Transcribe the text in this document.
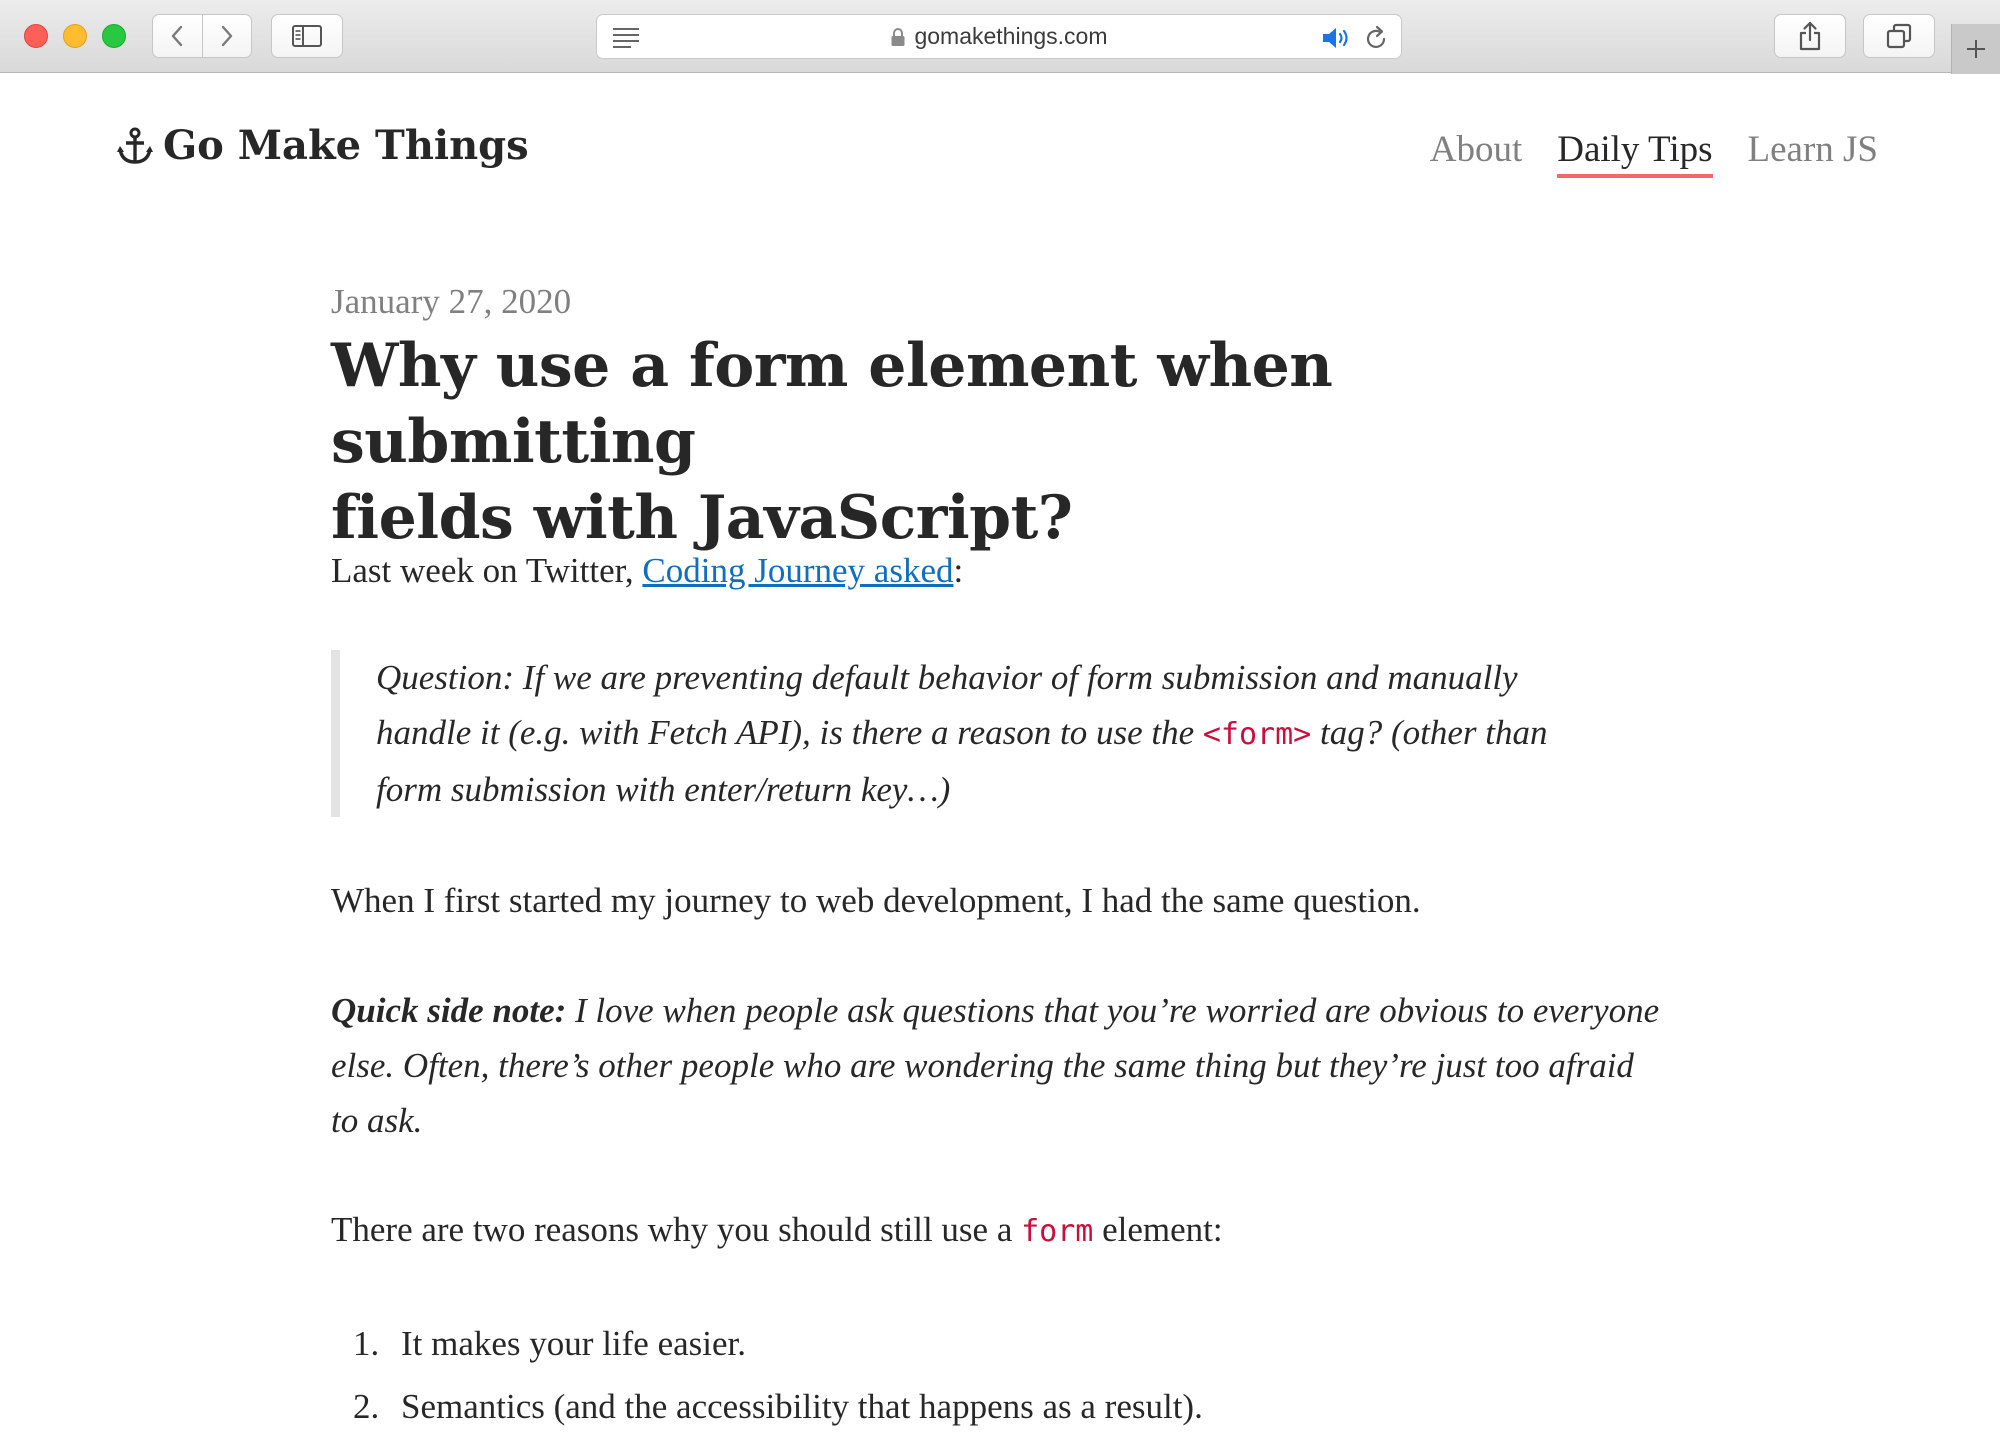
gomakethings.com
Go Make Things	About Daily Tips Learn JS

January 27, 2020

Why use a form element when submitting
fields with JavaScript?

Last week on Twitter, Coding Journey asked:

Question: If we are preventing default behavior of form submission and manually
handle it (e.g. with Fetch API), is there a reason to use the <form> tag? (other than
form submission with enter/return key…)

When I first started my journey to web development, I had the same question.

Quick side note: I love when people ask questions that you’re worried are obvious to everyone else. Often, there’s other people who are wondering the same thing but they’re just too afraid to ask.

There are two reasons why you should still use a form element:

1. It makes your life easier.
2. Semantics (and the accessibility that happens as a result).
